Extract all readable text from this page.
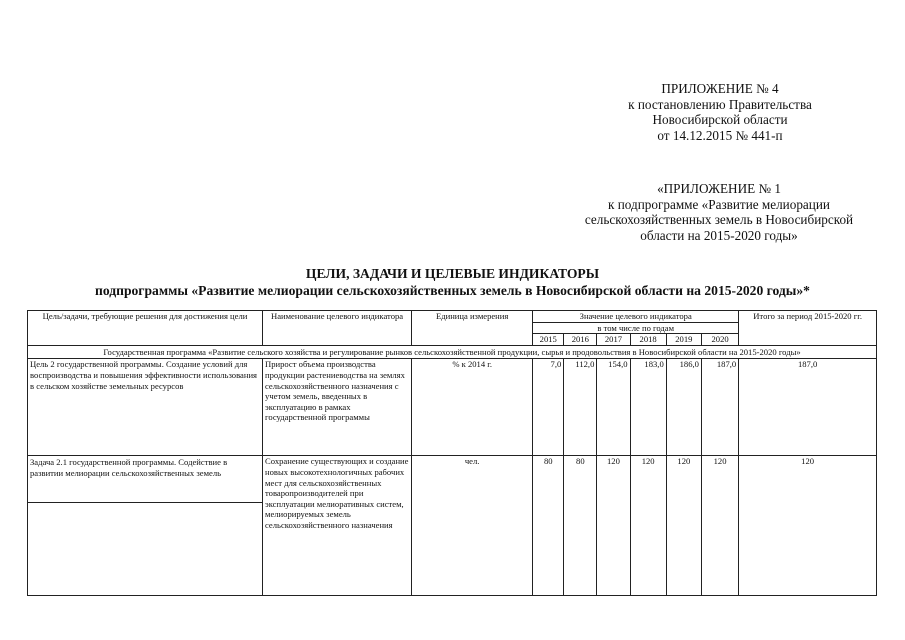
ПРИЛОЖЕНИЕ № 4
к постановлению Правительства
Новосибирской области
от 14.12.2015 № 441-п
«ПРИЛОЖЕНИЕ № 1
к подпрограмме «Развитие мелиорации
сельскохозяйственных земель в Новосибирской
области на 2015-2020 годы»
ЦЕЛИ, ЗАДАЧИ И ЦЕЛЕВЫЕ ИНДИКАТОРЫ
подпрограммы «Развитие мелиорации сельскохозяйственных земель в Новосибирской области на 2015-2020 годы»*
Цель/задачи, требующие решения для достижения цели	Наименование целевого индикатора	Единица измерения	Значение целевого индикатора						Итого за период 2015-2020 гг.
			в том числе по годам						
			2015	2016	2017	2018	2019	2020	
Государственная программа «Развитие сельского хозяйства и регулирование рынков сельскохозяйственной продукции, сырья и продовольствия в Новосибирской области на 2015-2020 годы»									
Цель 2 государственной программы. Создание условий для воспроизводства и повышения эффективности использования в сельском хозяйстве земельных ресурсов	Прирост объема производства продукции растениеводства на землях сельскохозяйственного назначения с учетом земель, введенных в эксплуатацию в рамках государственной программы	% к 2014 г.	7,0	112,0	154,0	183,0	186,0	187,0	187,0

Задача 2.1 государственной программы. Содействие в развитии мелиорации сельскохозяйственных земель	Сохранение существующих и создание новых высокотехнологичных рабочих мест для сельскохозяйственных товаропроизводителей при эксплуатации мелиоративных систем, мелиорируемых земель сельскохозяйственного назначения	чел.	80	80	120	120	120	120	120
